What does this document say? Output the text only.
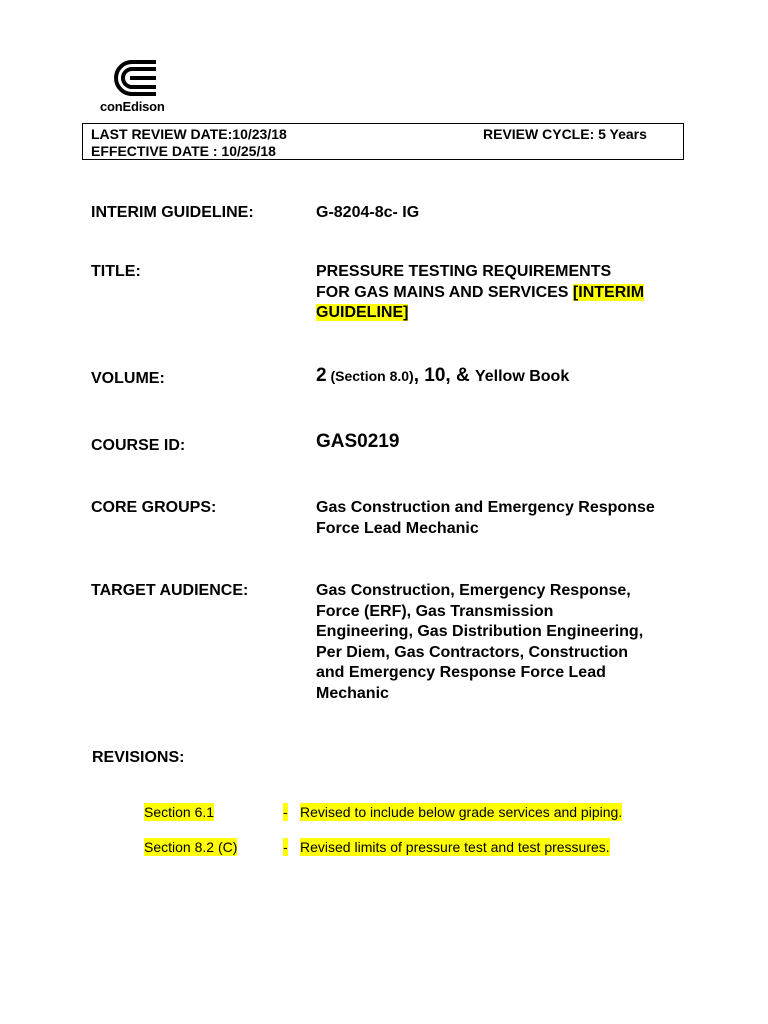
conEdison
LAST REVIEW DATE:10/23/18	REVIEW CYCLE: 5 Years
EFFECTIVE DATE : 10/25/18
INTERIM GUIDELINE:	G-8204-8c- IG
TITLE:	PRESSURE TESTING REQUIREMENTS
FOR GAS MAINS AND SERVICES [INTERIM
GUIDELINE]
VOLUME:	2 (Section 8.0), 10, & Yellow Book
COURSE ID:	GAS0219
CORE GROUPS:	Gas Construction and Emergency Response
Force Lead Mechanic
TARGET AUDIENCE:	Gas Construction, Emergency Response,
Force (ERF), Gas Transmission
Engineering, Gas Distribution Engineering,
Per Diem, Gas Contractors, Construction
and Emergency Response Force Lead
Mechanic
REVISIONS:
Section 6.1	- Revised to include below grade services and piping.
Section 8.2 (C)	- Revised limits of pressure test and test pressures.
